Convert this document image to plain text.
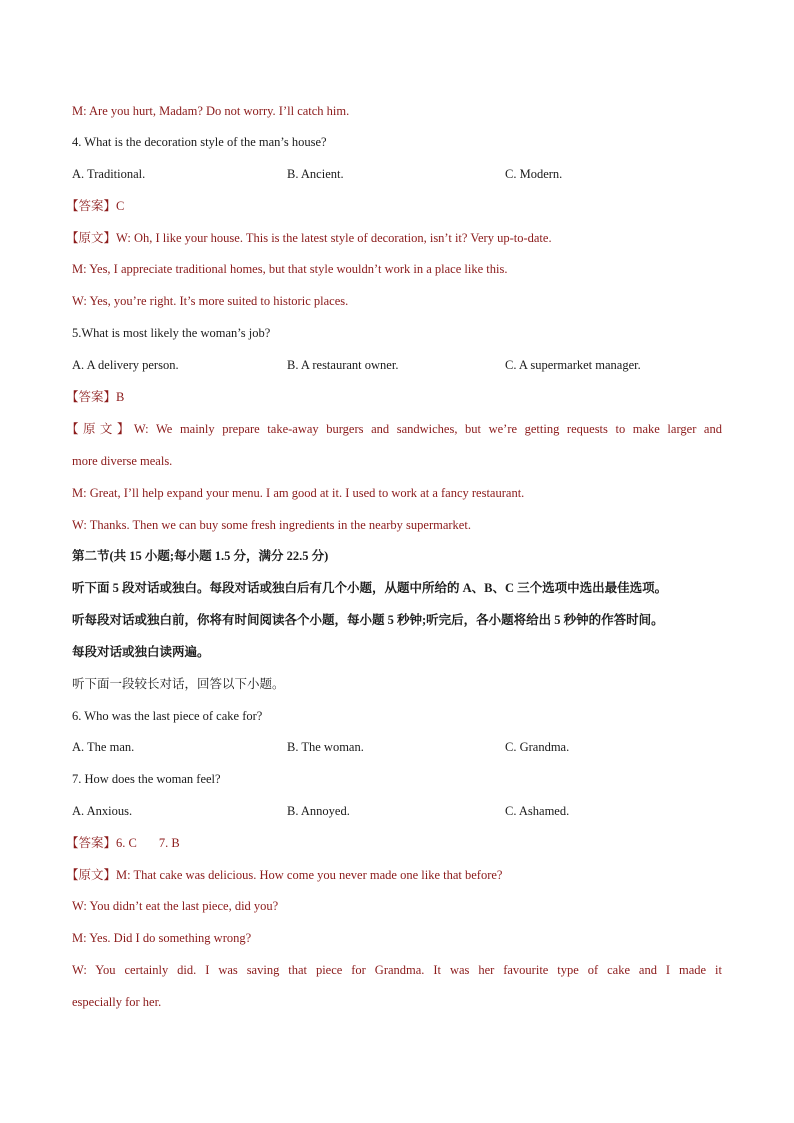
M: Are you hurt, Madam? Do not worry. I’ll catch him.
4. What is the decoration style of the man’s house?
A. Traditional.	B. Ancient.	C. Modern.
【答案】C
【原文】W: Oh, I like your house. This is the latest style of decoration, isn’t it? Very up-to-date.
M: Yes, I appreciate traditional homes, but that style wouldn’t work in a place like this.
W: Yes, you’re right. It’s more suited to historic places.
5.What is most likely the woman’s job?
A. A delivery person.	B. A restaurant owner.	C. A supermarket manager.
【答案】B
【原文】W: We mainly prepare take-away burgers and sandwiches, but we’re getting requests to make larger and
more diverse meals.
M: Great, I’ll help expand your menu. I am good at it. I used to work at a fancy restaurant.
W: Thanks. Then we can buy some fresh ingredients in the nearby supermarket.
第二节(共 15 小题;每小题 1.5 分，满分 22.5 分)
听下面 5 段对话或独白。每段对话或独白后有几个小题，从题中所给的 A、B、C 三个选项中选出最佳选项。
听每段对话或独白前，你将有时间阅读各个小题，每小题 5 秒钟;听完后，各小题将给出 5 秒钟的作答时间。
每段对话或独白读两遍。
听下面一段较长对话，回答以下小题。
6. Who was the last piece of cake for?
A. The man.	B. The woman.	C. Grandma.
7. How does the woman feel?
A. Anxious.	B. Annoyed.	C. Ashamed.
【答案】6. C 7. B
【原文】M: That cake was delicious. How come you never made one like that before?
W: You didn’t eat the last piece, did you?
M: Yes. Did I do something wrong?
W: You certainly did. I was saving that piece for Grandma. It was her favourite type of cake and I made it
especially for her.
